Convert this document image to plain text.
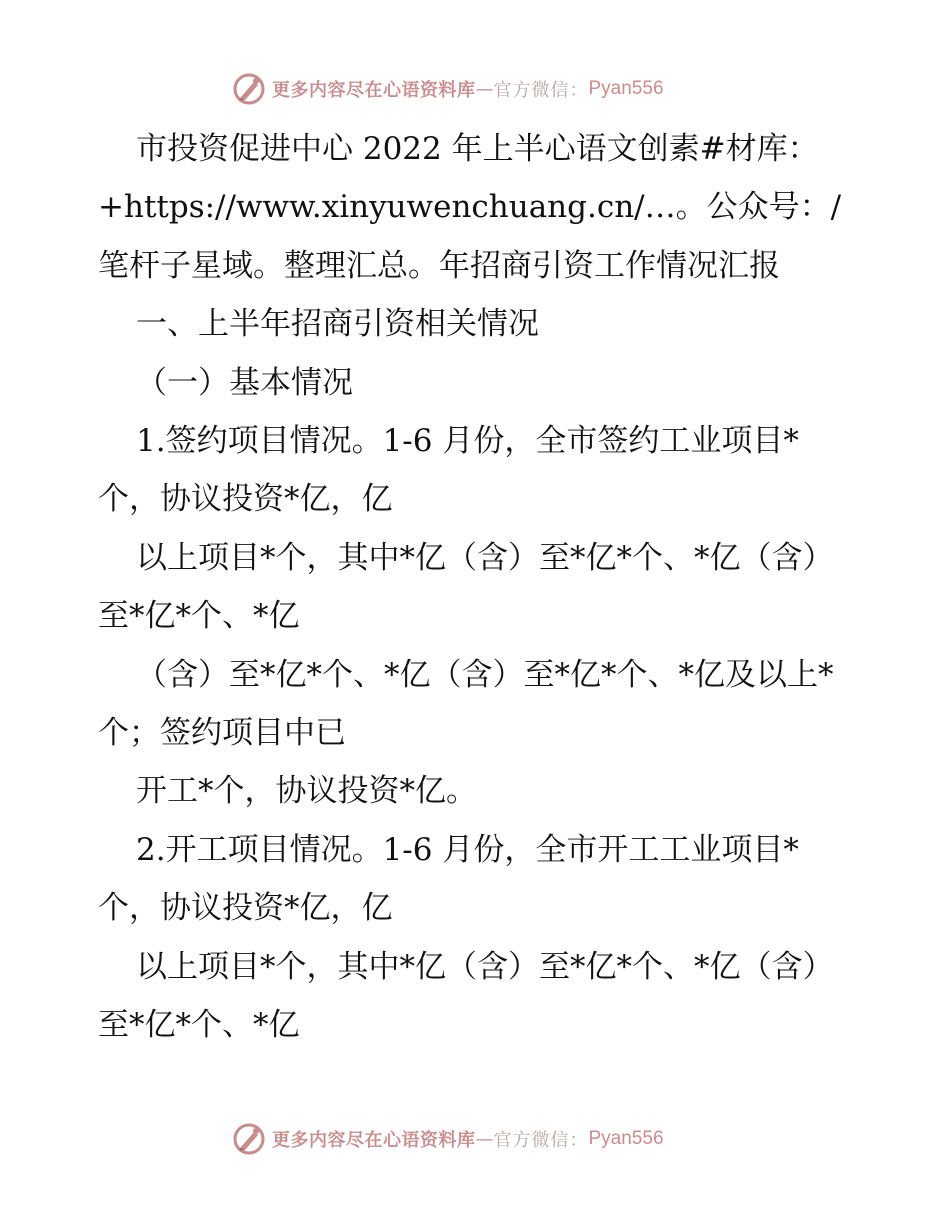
更多内容尽在心语资料库 — 官方微信： Pyan556

市投资促进中心 2022 年上半心语文创素#材库：+https://www.xinyuwenchuang.cn/…。公众号：/笔杆子星域。整理汇总。年招商引资工作情况汇报

一、上半年招商引资相关情况

（一）基本情况

1.签约项目情况。1-6 月份，全市签约工业项目*个，协议投资*亿，亿

以上项目*个，其中*亿（含）至*亿*个、*亿（含）至*亿*个、*亿

（含）至*亿*个、*亿（含）至*亿*个、*亿及以上*个；签约项目中已

开工*个，协议投资*亿。

2.开工项目情况。1-6 月份，全市开工工业项目*个，协议投资*亿，亿

以上项目*个，其中*亿（含）至*亿*个、*亿（含）至*亿*个、*亿

更多内容尽在心语资料库 — 官方微信： Pyan556
